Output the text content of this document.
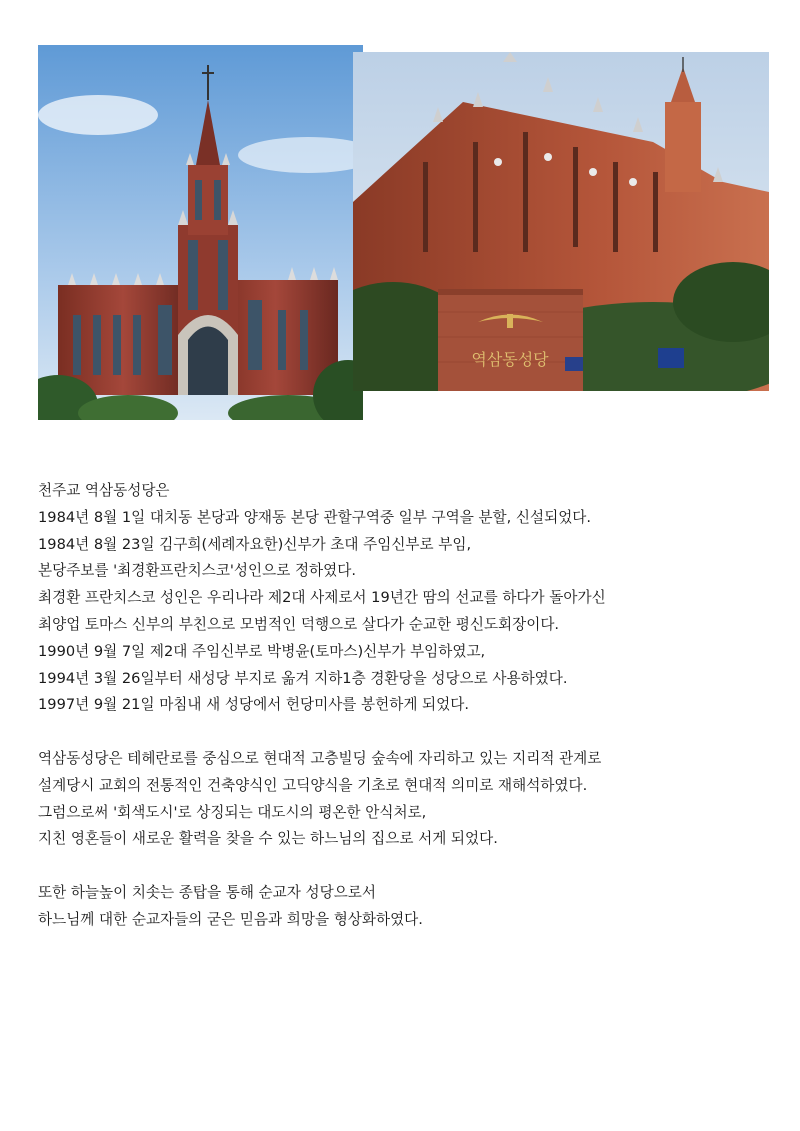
역삼동성당

천주교 역삼동성당은

1984년 8월 1일 대치동 본당과 양재동 본당 관할구역중 일부 구역을 분할, 신설되었다.

1984년 8월 23일 김구희(세례자요한)신부가 초대 주임신부로 부임,

본당주보를 '최경환프란치스코'성인으로 정하였다.

최경환 프란치스코 성인은 우리나라 제2대 사제로서 19년간 땀의 선교를 하다가 돌아가신

최양업 토마스 신부의 부친으로 모범적인 덕행으로 살다가 순교한 평신도회장이다.

1990년 9월 7일 제2대 주임신부로 박병윤(토마스)신부가 부임하였고,

1994년 3월 26일부터 새성당 부지로 옮겨 지하1층 경환당을 성당으로 사용하였다.

1997년 9월 21일 마침내 새 성당에서 헌당미사를 봉헌하게 되었다.

역삼동성당은 테헤란로를 중심으로 현대적 고층빌딩 숲속에 자리하고 있는 지리적 관계로

설계당시 교회의 전통적인 건축양식인 고딕양식을 기초로 현대적 의미로 재해석하였다.

그럼으로써 '회색도시'로 상징되는 대도시의 평온한 안식처로,

지친 영혼들이 새로운 활력을 찾을 수 있는 하느님의 집으로 서게 되었다.

또한 하늘높이 치솟는 종탑을 통해 순교자 성당으로서

하느님께 대한 순교자들의 굳은 믿음과 희망을 형상화하였다.
